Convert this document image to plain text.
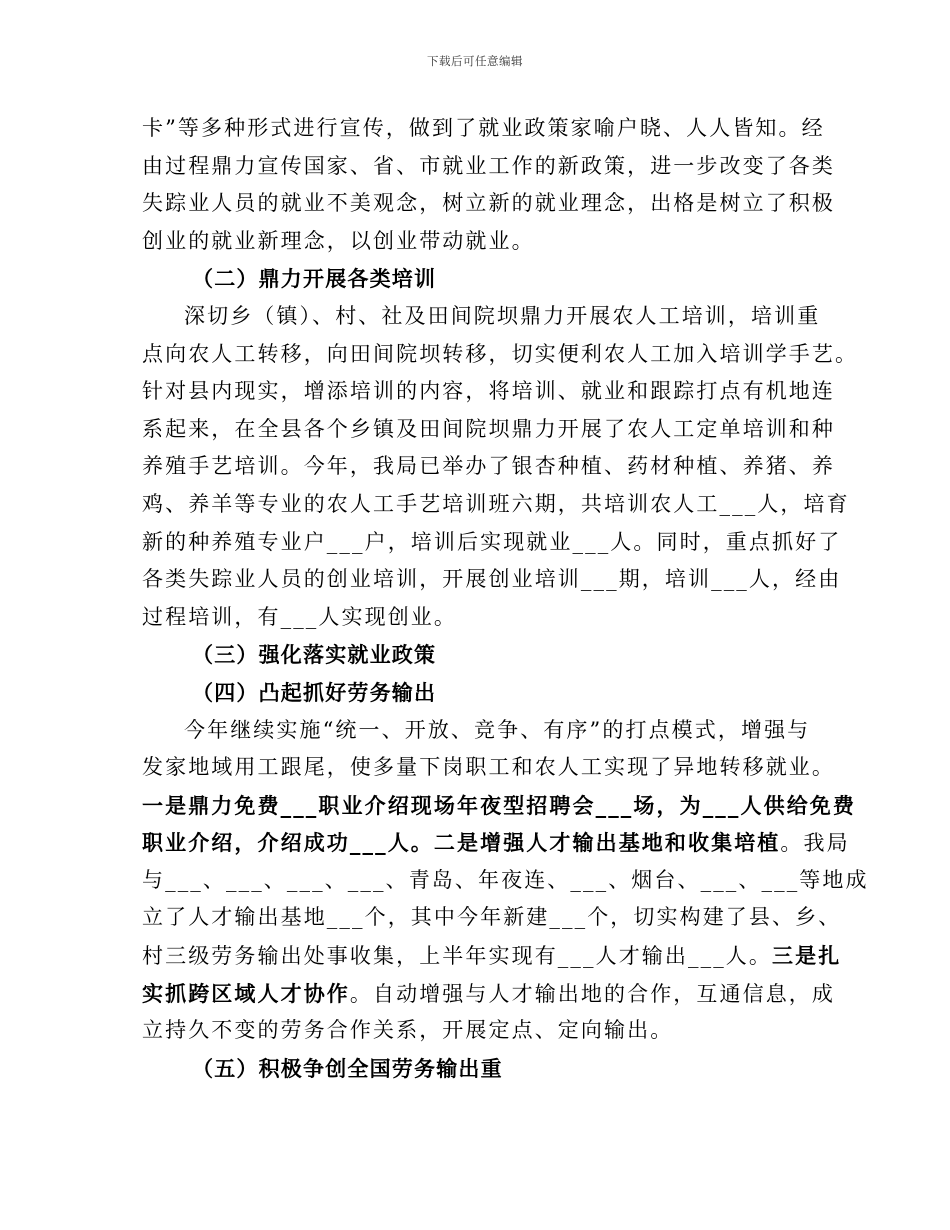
下载后可任意编辑
卡”等多种形式进行宣传，做到了就业政策家喻户晓、人人皆知。经
由过程鼎力宣传国家、省、市就业工作的新政策，进一步改变了各类
失踪业人员的就业不美观念，树立新的就业理念，出格是树立了积极
创业的就业新理念，以创业带动就业。
（二）鼎力开展各类培训
深切乡（镇）、村、社及田间院坝鼎力开展农人工培训，培训重
点向农人工转移，向田间院坝转移，切实便利农人工加入培训学手艺。
针对县内现实，增添培训的内容，将培训、就业和跟踪打点有机地连
系起来，在全县各个乡镇及田间院坝鼎力开展了农人工定单培训和种
养殖手艺培训。今年，我局已举办了银杏种植、药材种植、养猪、养
鸡、养羊等专业的农人工手艺培训班六期，共培训农人工___人，培育
新的种养殖专业户___户，培训后实现就业___人。同时，重点抓好了
各类失踪业人员的创业培训，开展创业培训___期，培训___人，经由
过程培训，有___人实现创业。
（三）强化落实就业政策
（四）凸起抓好劳务输出
今年继续实施“统一、开放、竞争、有序”的打点模式，增强与
发家地域用工跟尾，使多量下岗职工和农人工实现了异地转移就业。
一是鼎力免费___职业介绍现场年夜型招聘会___场，为___人供给免费
职业介绍，介绍成功___人。二是增强人才输出基地和收集培植。我局
与___、___、___、___、青岛、年夜连、___、烟台、___、___等地成
立了人才输出基地___个，其中今年新建___个，切实构建了县、乡、
村三级劳务输出处事收集，上半年实现有___人才输出___人。三是扎
实抓跨区域人才协作。自动增强与人才输出地的合作，互通信息，成
立持久不变的劳务合作关系，开展定点、定向输出。
（五）积极争创全国劳务输出重
